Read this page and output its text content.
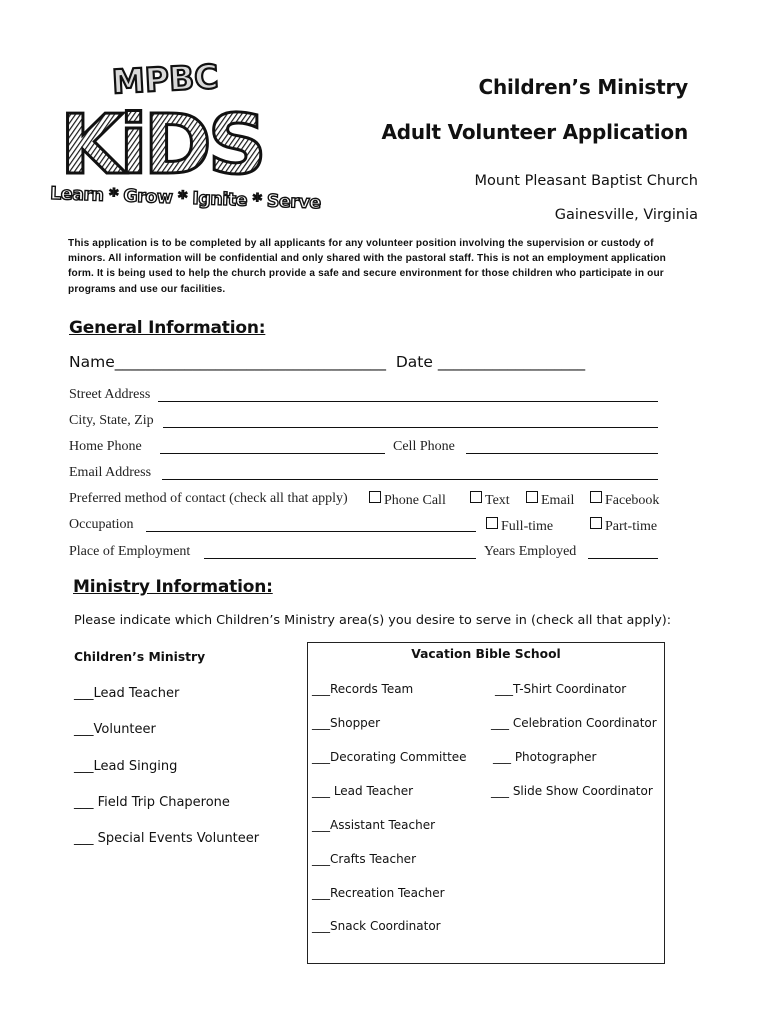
MPBC
KiDS
Learn * Grow * Ignite * Serve
Children’s Ministry
Adult Volunteer Application
Mount Pleasant Baptist Church
Gainesville, Virginia
This application is to be completed by all applicants for any volunteer position involving the supervision or custody of minors. All information will be confidential and only shared with the pastoral staff. This is not an employment application form. It is being used to help the church provide a safe and secure environment for those children who participate in our programs and use our facilities.
General Information:
Name___________________________________ Date ___________________
Street Address
City, State, Zip
Home Phone	Cell Phone
Email Address
Preferred method of contact (check all that apply)	Phone Call	Text	Email	Facebook
Occupation	Full-time	Part-time
Place of Employment	Years Employed
Ministry Information:
Please indicate which Children’s Ministry area(s) you desire to serve in (check all that apply):
Children’s Ministry
___Lead Teacher
___Volunteer
___Lead Singing
___ Field Trip Chaperone
___ Special Events Volunteer
Vacation Bible School
___Records Team
___Shopper
___Decorating Committee
___ Lead Teacher
___Assistant Teacher
___Crafts Teacher
___Recreation Teacher
___Snack Coordinator
___T-Shirt Coordinator
___ Celebration Coordinator
___ Photographer
___ Slide Show Coordinator
